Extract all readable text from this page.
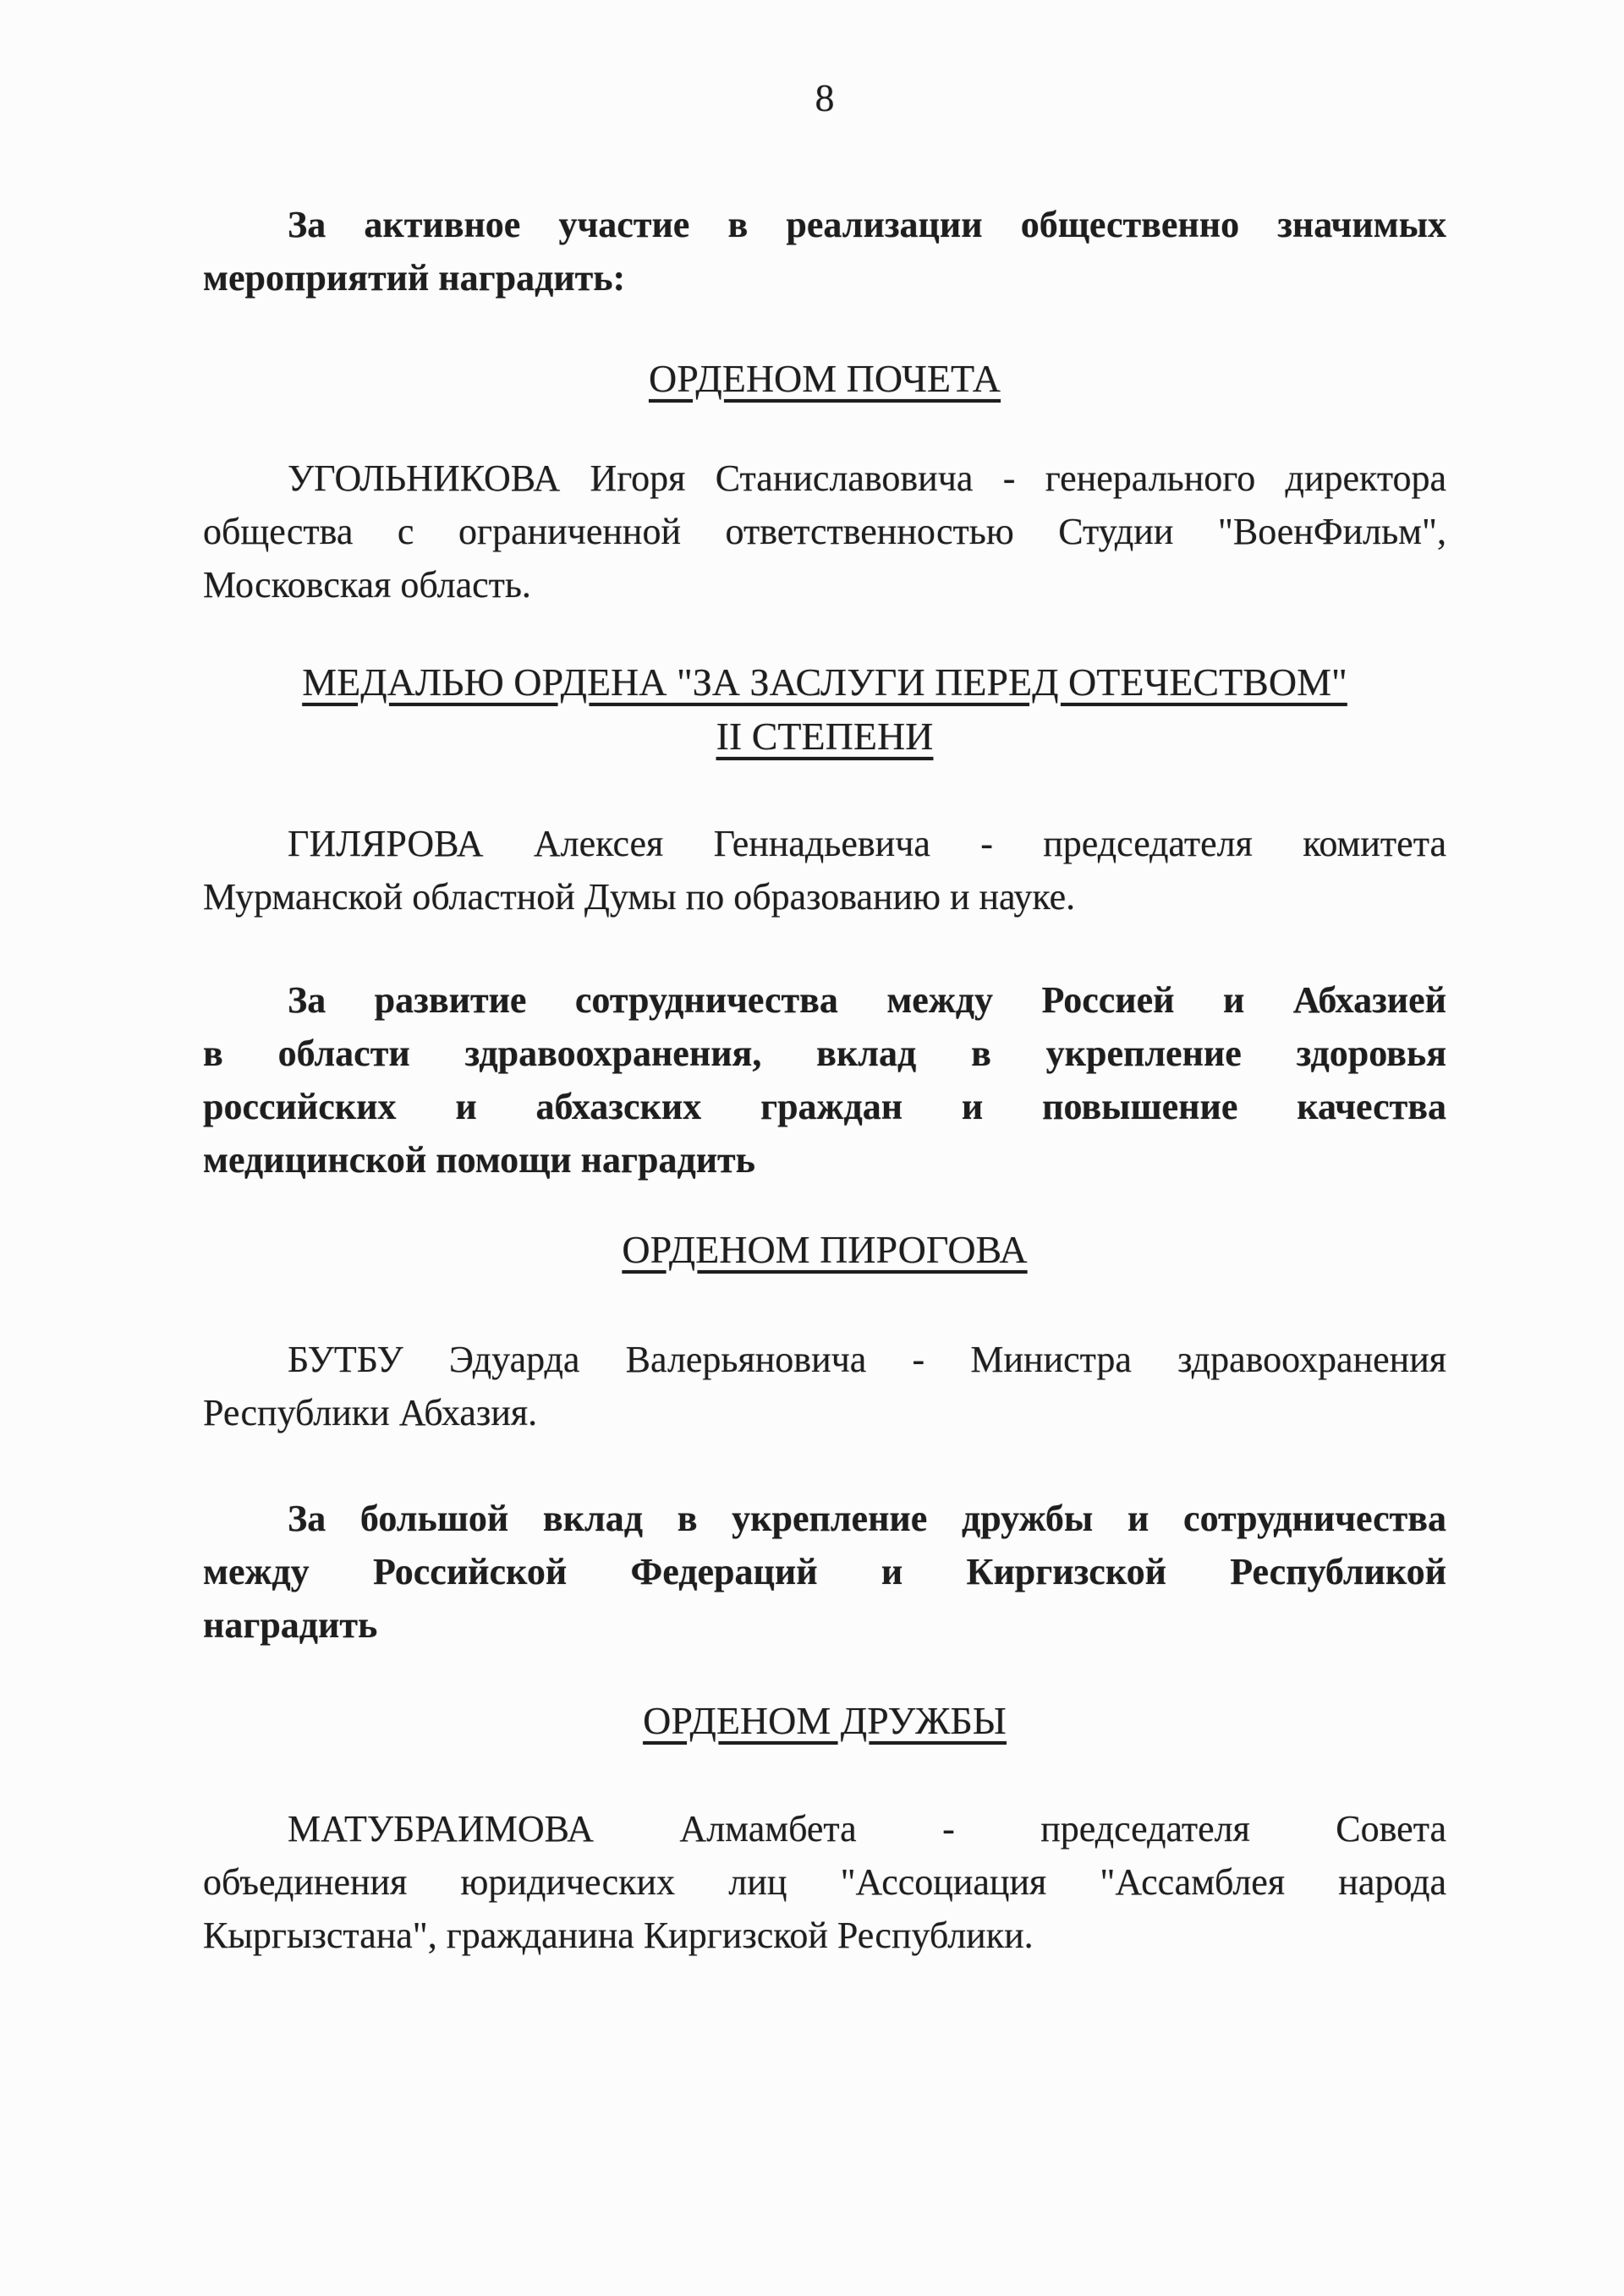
8
За активное участие в реализации общественно значимых
мероприятий наградить:
ОРДЕНОМ ПОЧЕТА
УГОЛЬНИКОВА Игоря Станиславовича - генерального директора
общества с ограниченной ответственностью Студии "ВоенФильм",
Московская область.
МЕДАЛЬЮ ОРДЕНА "ЗА ЗАСЛУГИ ПЕРЕД ОТЕЧЕСТВОМ"
II СТЕПЕНИ
ГИЛЯРОВА Алексея Геннадьевича - председателя комитета
Мурманской областной Думы по образованию и науке.
За развитие сотрудничества между Россией и Абхазией
в области здравоохранения, вклад в укрепление здоровья
российских и абхазских граждан и повышение качества
медицинской помощи наградить
ОРДЕНОМ ПИРОГОВА
БУТБУ Эдуарда Валерьяновича - Министра здравоохранения
Республики Абхазия.
За большой вклад в укрепление дружбы и сотрудничества
между Российской Федераций и Киргизской Республикой
наградить
ОРДЕНОМ ДРУЖБЫ
МАТУБРАИМОВА Алмамбета - председателя Совета
объединения юридических лиц "Ассоциация "Ассамблея народа
Кыргызстана", гражданина Киргизской Республики.
